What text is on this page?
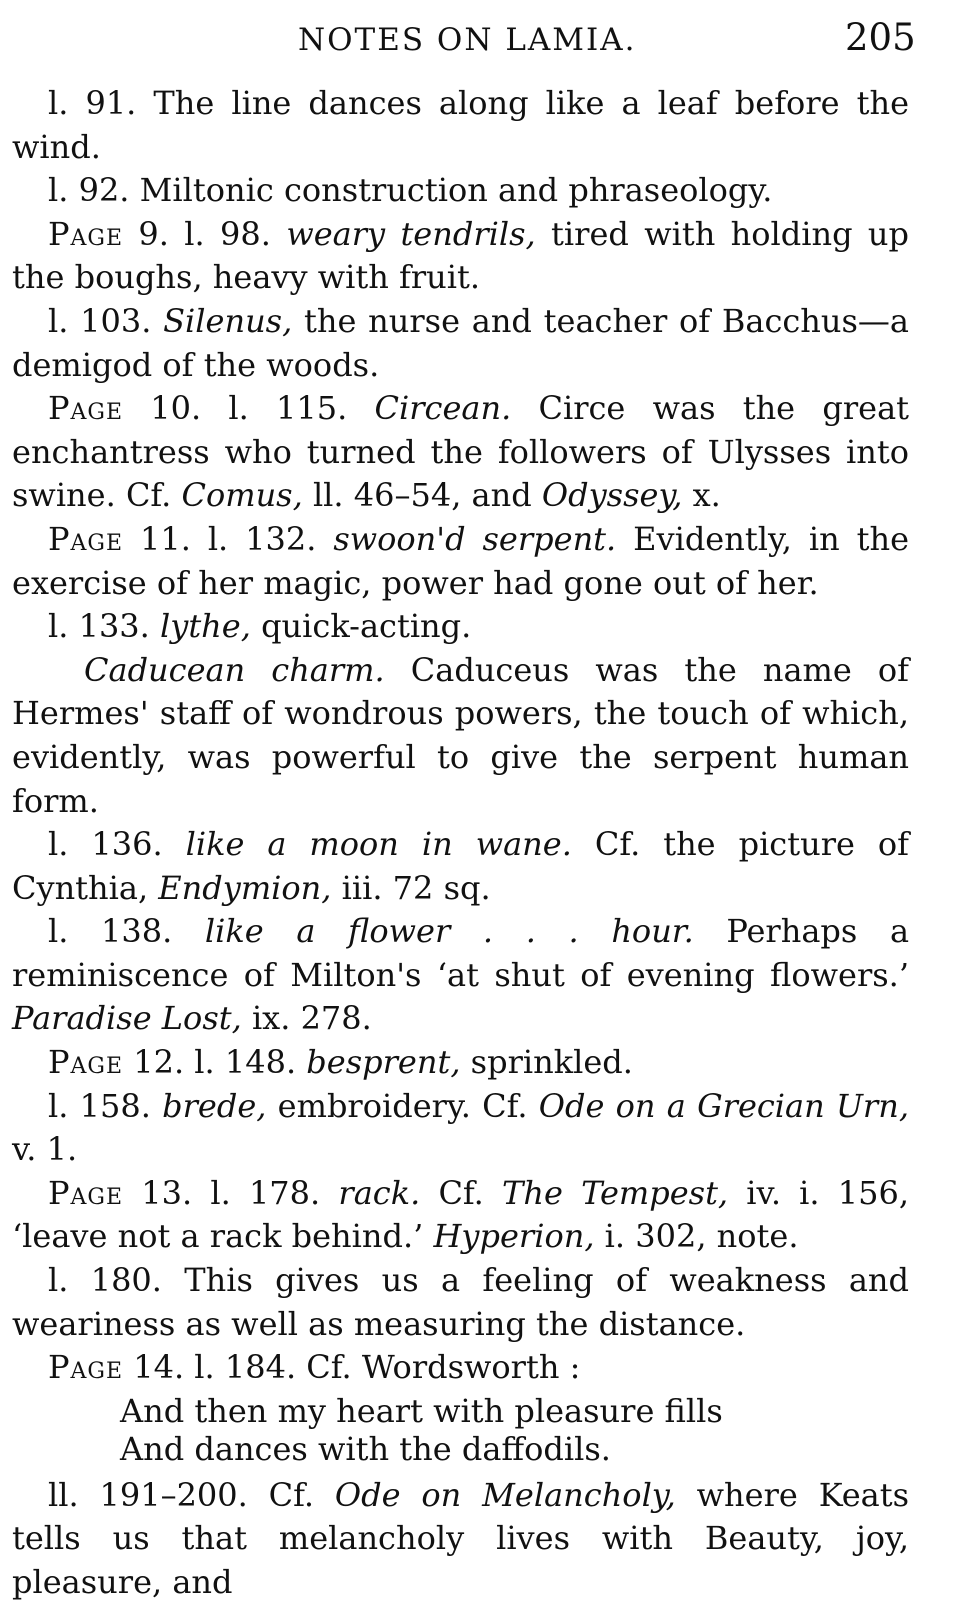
NOTES ON LAMIA.	205

l. 91. The line dances along like a leaf before the wind.

l. 92. Miltonic construction and phraseology.

Page 9. l. 98. weary tendrils, tired with holding up the boughs, heavy with fruit.

l. 103. Silenus, the nurse and teacher of Bacchus—a demigod of the woods.

Page 10. l. 115. Circean. Circe was the great enchantress who turned the followers of Ulysses into swine. Cf. Comus, ll. 46–54, and Odyssey, x.

Page 11. l. 132. swoon'd serpent. Evidently, in the exercise of her magic, power had gone out of her.

l. 133. lythe, quick-acting.

Caducean charm. Caduceus was the name of Hermes' staff of wondrous powers, the touch of which, evidently, was powerful to give the serpent human form.

l. 136. like a moon in wane. Cf. the picture of Cynthia, Endymion, iii. 72 sq.

l. 138. like a flower . . . hour. Perhaps a reminiscence of Milton's ‘at shut of evening flowers.’ Paradise Lost, ix. 278.

Page 12. l. 148. besprent, sprinkled.

l. 158. brede, embroidery. Cf. Ode on a Grecian Urn, v. 1.

Page 13. l. 178. rack. Cf. The Tempest, iv. i. 156, ‘leave not a rack behind.’ Hyperion, i. 302, note.

l. 180. This gives us a feeling of weakness and weariness as well as measuring the distance.

Page 14. l. 184. Cf. Wordsworth :

And then my heart with pleasure fills
And dances with the daffodils.

ll. 191–200. Cf. Ode on Melancholy, where Keats tells us that melancholy lives with Beauty, joy, pleasure, and
